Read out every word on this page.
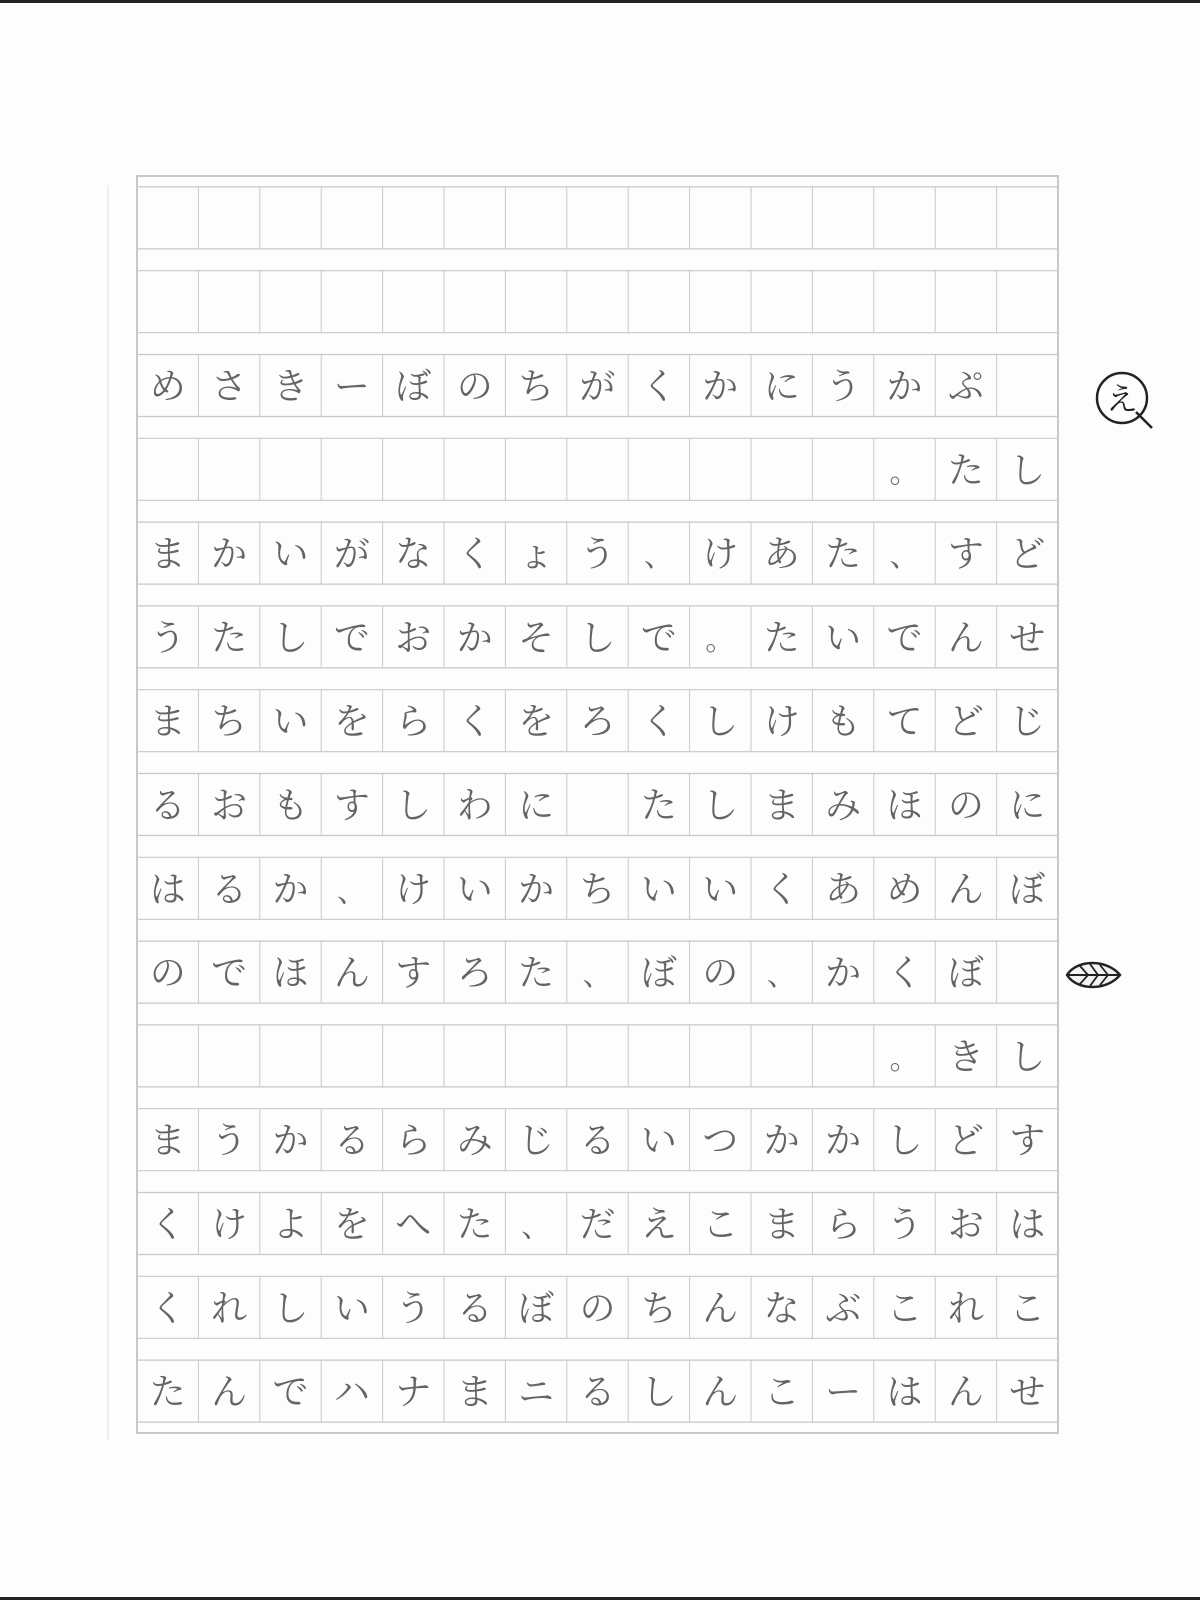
め さ き ー ぼ の ち が く か に う か ぷ
。 た し
ま か い が な く ょ う 、 け あ た 、 す ど
う た し で お か そ し で 。 た い で ん せ
ま ち い を ら く を ろ く し け も て ど じ
る お も す し わ に た し ま み ほ の に
は る か 、 け い か ち い い く あ め ん ぼ
の で ほ ん す ろ た 、 ぼ の 、 か く ぼ
。 き し
ま う か る ら み じ る い つ か か し ど す
く け よ を へ た 、 だ え こ ま ら う お は
く れ し い う る ぼ の ち ん な ぶ こ れ こ
た ん で ハ ナ ま ニ る し ん こ ー は ん せ
え
